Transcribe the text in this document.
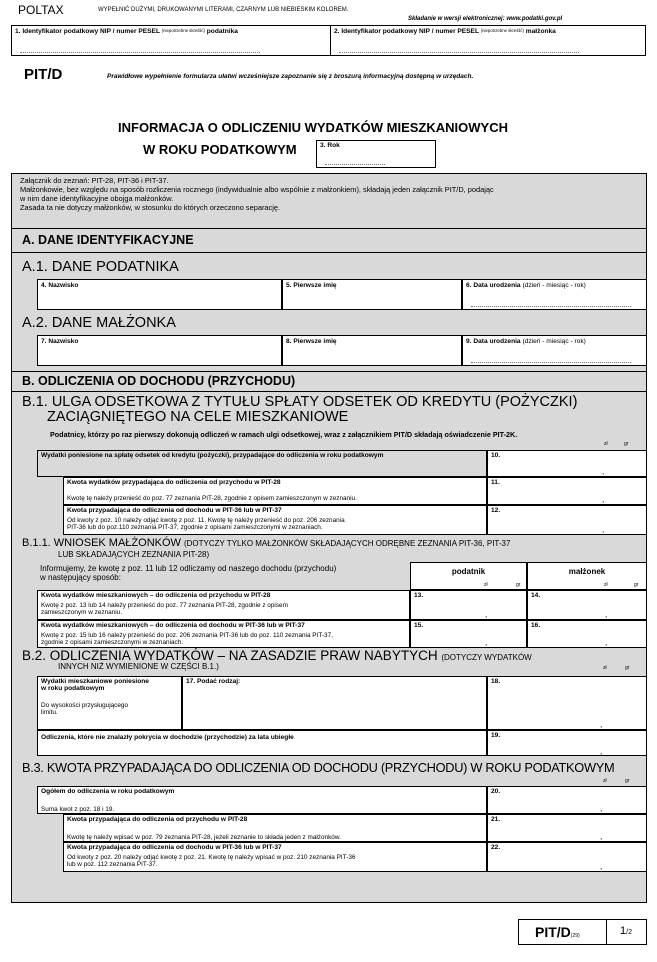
POLTAX	WYPEŁNIĆ DUŻYMI, DRUKOWANYMI LITERAMI, CZARNYM LUB NIEBIESKIM KOLOREM.
Składanie w wersji elektronicznej: www.podatki.gov.pl
1. Identyfikator podatkowy NIP / numer PESEL $^{(niepotrzebne skreślić)}$ podatnika	2. Identyfikator podatkowy NIP / numer PESEL $^{(niepotrzebne skreślić)}$ małżonka
PIT/D	Prawidłowe wypełnienie formularza ułatwi wcześniejsze zapoznanie się z broszurą informacyjną dostępną w urzędach.
INFORMACJA O ODLICZENIU WYDATKÓW MIESZKANIOWYCH
W ROKU PODATKOWYM	3. Rok
Załącznik do zeznań: PIT-28, PIT-36 i PIT-37.
Małżonkowie, bez względu na sposób rozliczenia rocznego (indywidualnie albo wspólnie z małżonkiem), składają jeden załącznik PIT/D, podając
w nim dane identyfikacyjne obojga małżonków.
Zasada ta nie dotyczy małżonków, w stosunku do których orzeczono separację.
A. DANE IDENTYFIKACYJNE
A.1. DANE PODATNIKA
4. Nazwisko	5. Pierwsze imię	6. Data urodzenia (dzień - miesiąc - rok)
A.2. DANE MAŁŻONKA
7. Nazwisko	8. Pierwsze imię	9. Data urodzenia (dzień - miesiąc - rok)
B. ODLICZENIA OD DOCHODU (PRZYCHODU)
B.1. ULGA ODSETKOWA Z TYTUŁU SPŁATY ODSETEK OD KREDYTU (POŻYCZKI)
ZACIĄGNIĘTEGO NA CELE MIESZKANIOWE
Podatnicy, którzy po raz pierwszy dokonują odliczeń w ramach ulgi odsetkowej, wraz z załącznikiem PIT/D składają oświadczenie PIT-2K.
zł	gr
Wydatki poniesione na spłatę odsetek od kredytu (pożyczki), przypadające do odliczenia w roku podatkowym	10.
,
Kwota wydatków przypadająca do odliczenia od przychodu w PIT-28
Kwotę tę należy przenieść do poz. 77 zeznania PIT-28, zgodnie z opisem zamieszczonym w zeznaniu.
11.
,
Kwota przypadająca do odliczenia od dochodu w PIT-36 lub w PIT-37
Od kwoty z poz. 10 należy odjąć kwotę z poz. 11. Kwotę tę należy przenieść do poz. 206 zeznania
PIT-36 lub do poz.110 zeznania PIT-37, zgodnie z opisami zamieszczonymi w zeznaniach.
12.
,
B.1.1. WNIOSEK MAŁŻONKÓW (DOTYCZY TYLKO MAŁŻONKÓW SKŁADAJĄCYCH ODRĘBNE ZEZNANIA PIT-36, PIT-37
LUB SKŁADAJĄCYCH ZEZNANIA PIT-28)
Informujemy, że kwotę z poz. 11 lub 12 odliczamy od naszego dochodu (przychodu)
w następujący sposób:
podatnik
zł	gr
małżonek
zł	gr
Kwota wydatków mieszkaniowych – do odliczenia od przychodu w PIT-28
Kwotę z poz. 13 lub 14 należy przenieść do poz. 77 zeznania PIT-28, zgodnie z opisem
zamieszczonym w zeznaniu.
13.
,
14.
,
Kwota wydatków mieszkaniowych – do odliczenia od dochodu w PIT-36 lub w PIT-37
Kwotę z poz. 15 lub 16 należy przenieść do poz. 206 zeznania PIT-36 lub do poz. 110 zeznania PIT-37,
zgodnie z opisami zamieszczonymi w zeznaniach.
15.
,
16.
,
B.2. ODLICZENIA WYDATKÓW – NA ZASADZIE PRAW NABYTYCH (DOTYCZY WYDATKÓW
INNYCH NIŻ WYMIENIONE W CZĘŚCI B.1.)	zł	gr
Wydatki mieszkaniowe poniesione
w roku podatkowym
Do wysokości przysługującego
limitu.
17. Podać rodzaj:	18.
,
Odliczenia, które nie znalazły pokrycia w dochodzie (przychodzie) za lata ubiegłe	19.
,
B.3. KWOTA PRZYPADAJĄCA DO ODLICZENIA OD DOCHODU (PRZYCHODU) W ROKU PODATKOWYM
zł	gr
Ogółem do odliczenia w roku podatkowym
Suma kwot z poz. 18 i 19.
20.
,
Kwota przypadająca do odliczenia od przychodu w PIT-28
Kwotę tę należy wpisać w poz. 79 zeznania PIT-28, jeżeli zeznanie to składa jeden z małżonków.
21.
,
Kwota przypadająca do odliczenia od dochodu w PIT-36 lub w PIT-37
Od kwoty z poz. 20 należy odjąć kwotę z poz. 21. Kwotę tę należy wpisać w poz. 210 zeznania PIT-36
lub w poz. 112 zeznania PIT-37.
22.
,
PIT/D(29)	1/2
